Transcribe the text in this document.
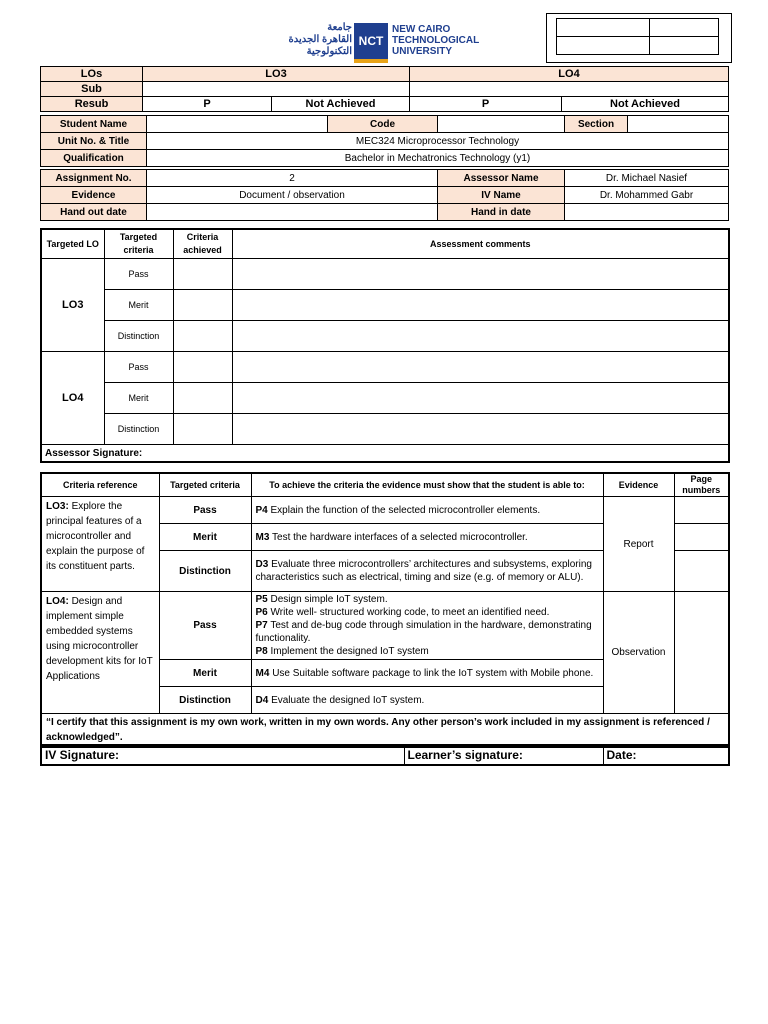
جامعة
القاهرة الجديدة
التكنولوجية
NCT
NEW CAIRO
TECHNOLOGICAL
UNIVERSITY

LOs	LO3		LO4	
Sub				
Resub	P	Not Achieved	P	Not Achieved
Student Name		Code		Section	
Unit No. & Title	MEC324 Microprocessor Technology				
Qualification	Bachelor in Mechatronics Technology (y1)				

Assignment No.	2		Assessor Name	Dr. Michael Nasief	
Evidence	Document / observation		IV Name	Dr. Mohammed Gabr	
Hand out date			Hand in date		
Targeted LO	Targeted criteria	Criteria achieved	Assessment comments
LO3	Pass		
	Merit		
	Distinction		
LO4	Pass		
	Merit		
	Distinction		
Assessor Signature:			
Criteria reference	Targeted criteria	To achieve the criteria the evidence must show that the student is able to:	Evidence	Page numbers
LO3: Explore the principal features of a microcontroller and explain the purpose of its constituent parts.	Pass	P4 Explain the function of the selected microcontroller elements.	Report	
	Merit	M3 Test the hardware interfaces of a selected microcontroller.		
	Distinction	D3 Evaluate three microcontrollers’ architectures and subsystems, exploring characteristics such as electrical, timing and size (e.g. of memory or ALU).		
LO4: Design and implement simple embedded systems using microcontroller development kits for IoT Applications	Pass	P5 Design simple IoT system.
P6 Write well- structured working code, to meet an identified need.
P7 Test and de-bug code through simulation in the hardware, demonstrating functionality.
P8 Implement the designed IoT system	Observation	
	Merit	M4 Use Suitable software package to link the IoT system with Mobile phone.		
	Distinction	D4 Evaluate the designed IoT system.		
“I certify that this assignment is my own work, written in my own words. Any other person’s work included in my assignment is referenced / acknowledged”.				
IV Signature:	Learner’s signature:	Date:
